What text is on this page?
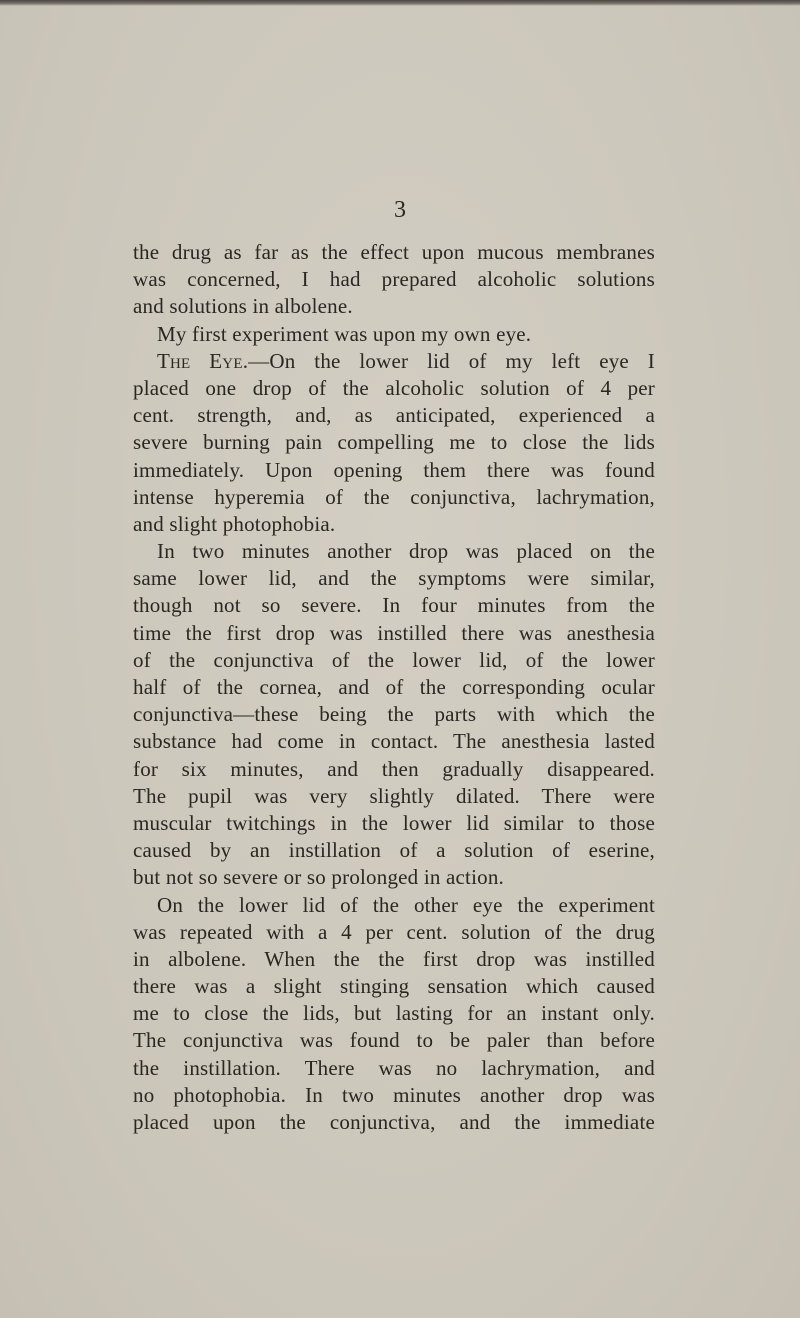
3
the drug as far as the effect upon mucous membranes
was concerned, I had prepared alcoholic solutions
and solutions in albolene.
My first experiment was upon my own eye.
The Eye.—On the lower lid of my left eye I
placed one drop of the alcoholic solution of 4 per
cent. strength, and, as anticipated, experienced a
severe burning pain compelling me to close the lids
immediately. Upon opening them there was found
intense hyperemia of the conjunctiva, lachrymation,
and slight photophobia.
In two minutes another drop was placed on the
same lower lid, and the symptoms were similar,
though not so severe. In four minutes from the
time the first drop was instilled there was anesthesia
of the conjunctiva of the lower lid, of the lower
half of the cornea, and of the corresponding ocular
conjunctiva—these being the parts with which the
substance had come in contact. The anesthesia lasted
for six minutes, and then gradually disappeared.
The pupil was very slightly dilated. There were
muscular twitchings in the lower lid similar to those
caused by an instillation of a solution of eserine,
but not so severe or so prolonged in action.
On the lower lid of the other eye the experiment
was repeated with a 4 per cent. solution of the drug
in albolene. When the the first drop was instilled
there was a slight stinging sensation which caused
me to close the lids, but lasting for an instant only.
The conjunctiva was found to be paler than before
the instillation. There was no lachrymation, and
no photophobia. In two minutes another drop was
placed upon the conjunctiva, and the immediate
